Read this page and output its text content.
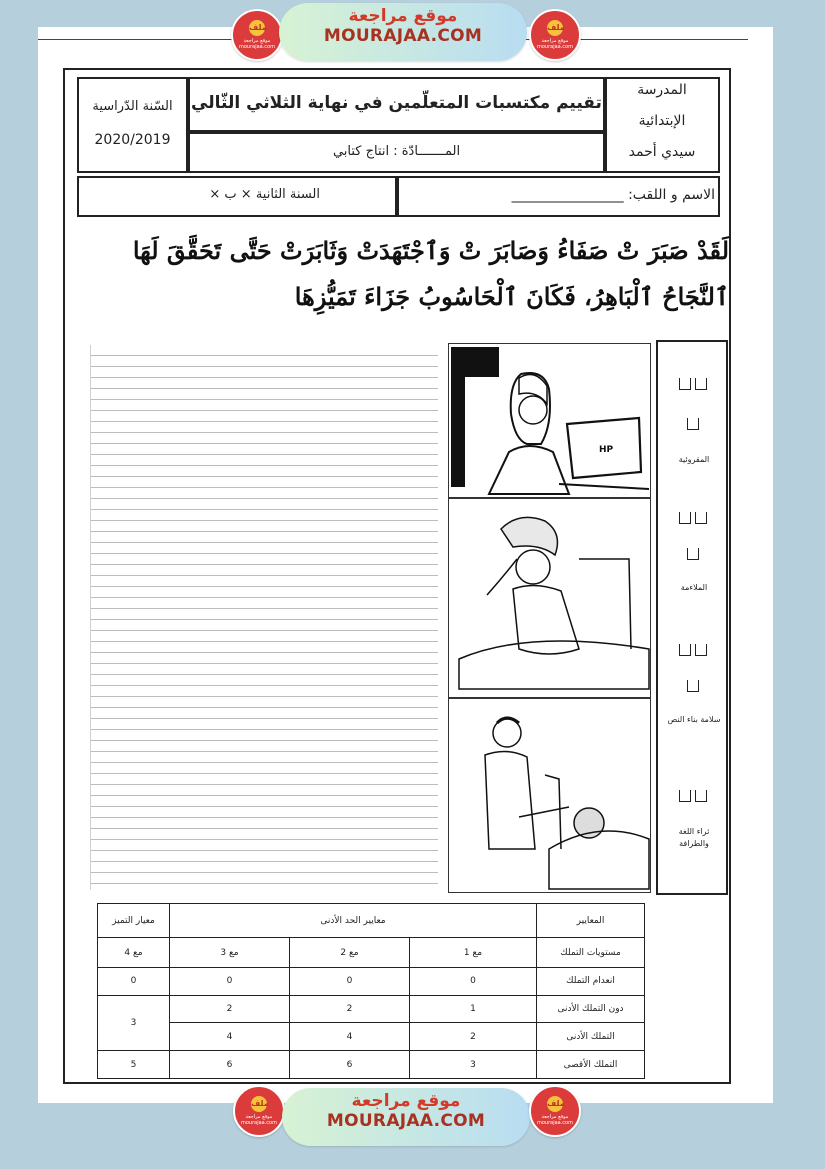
ملف
موقع مراجعة mourajaa.com
موقع مراجعة
MOURAJAA.COM	ملف
موقع مراجعة mourajaa.com
المدرسة
الإبتدائية
سيدي أحمد
تقييم مكتسبات المتعلّمين في نهاية الثلاثي الثّالي
المـــــــادّة : انتاج كتابي
السّنة الدّراسية
2020/2019
الاسم و اللقب: ________________
السنة الثانية × ب ×
لَقَدْ صَبَرَ تْ صَفَاءُ وَصَابَرَ تْ وَٱجْتَهَدَتْ وَثَابَرَتْ حَتَّى تَحَقَّقَ لَهَا
ٱلنَّجَاحُ ٱلْبَاهِرُ، فَكَانَ ٱلْحَاسُوبُ جَزَاءَ تَمَيُّزِهَا
HP
المقروئية
الملاءمة
سلامة بناء النص
ثراء اللغة والطرافة
معيار التميز	معايير الحد الأدنى			المعايير
مع 4	مع 3	مع 2	مع 1	مستويات التملك
0	0	0	0	انعدام التملك
3	2	2	1	دون التملك الأدنى
	4	4	2	التملك الأدنى
5	6	6	3	التملك الأقصى
ملف
موقع مراجعة mourajaa.com
موقع مراجعة
MOURAJAA.COM
ملف
موقع مراجعة mourajaa.com
